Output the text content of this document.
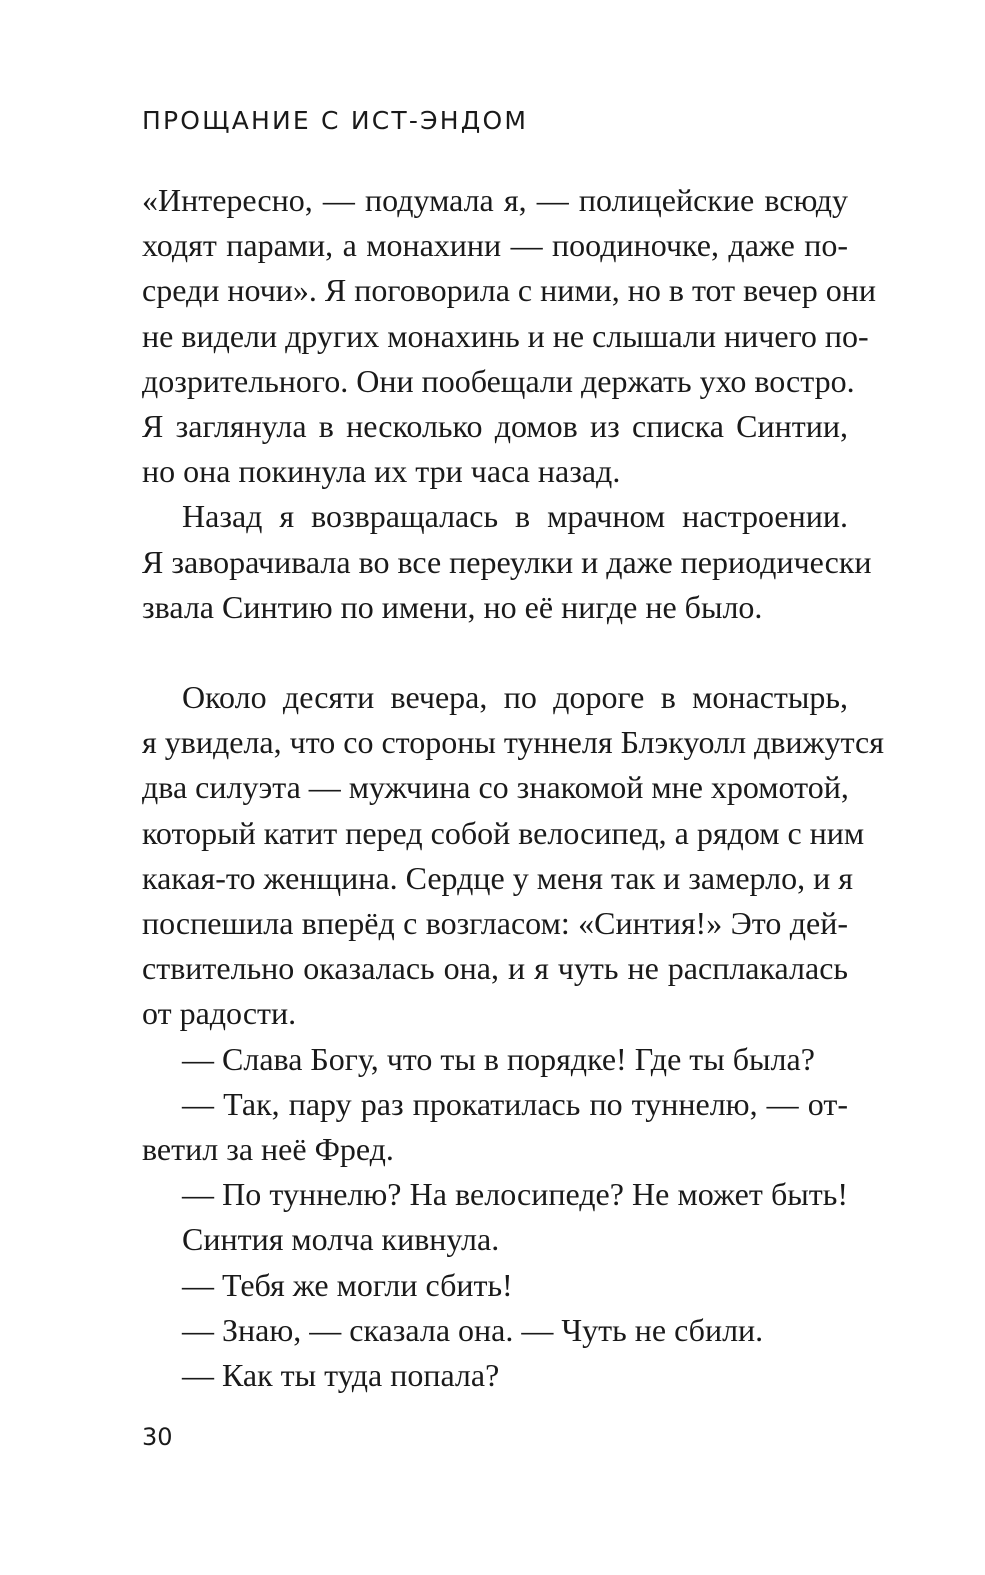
ПРОЩАНИЕ С ИСТ-ЭНДОМ
«Интересно, — подумала я, — полицейские всюду
ходят парами, а монахини — поодиночке, даже по-
среди ночи». Я поговорила с ними, но в тот вечер они
не видели других монахинь и не слышали ничего по-
дозрительного. Они пообещали держать ухо востро.
Я заглянула в несколько домов из списка Синтии,
но она покинула их три часа назад.
Назад я возвращалась в мрачном настроении.
Я заворачивала во все переулки и даже периодически
звала Синтию по имени, но её нигде не было.
Около десяти вечера, по дороге в монастырь,
я увидела, что со стороны туннеля Блэкуолл движутся
два силуэта — мужчина со знакомой мне хромотой,
который катит перед собой велосипед, а рядом с ним
какая-то женщина. Сердце у меня так и замерло, и я
поспешила вперёд с возгласом: «Синтия!» Это дей-
ствительно оказалась она, и я чуть не расплакалась
от радости.
— Слава Богу, что ты в порядке! Где ты была?
— Так, пару раз прокатилась по туннелю, — от-
ветил за неё Фред.
— По туннелю? На велосипеде? Не может быть!
Синтия молча кивнула.
— Тебя же могли сбить!
— Знаю, — сказала она. — Чуть не сбили.
— Как ты туда попала?
30
